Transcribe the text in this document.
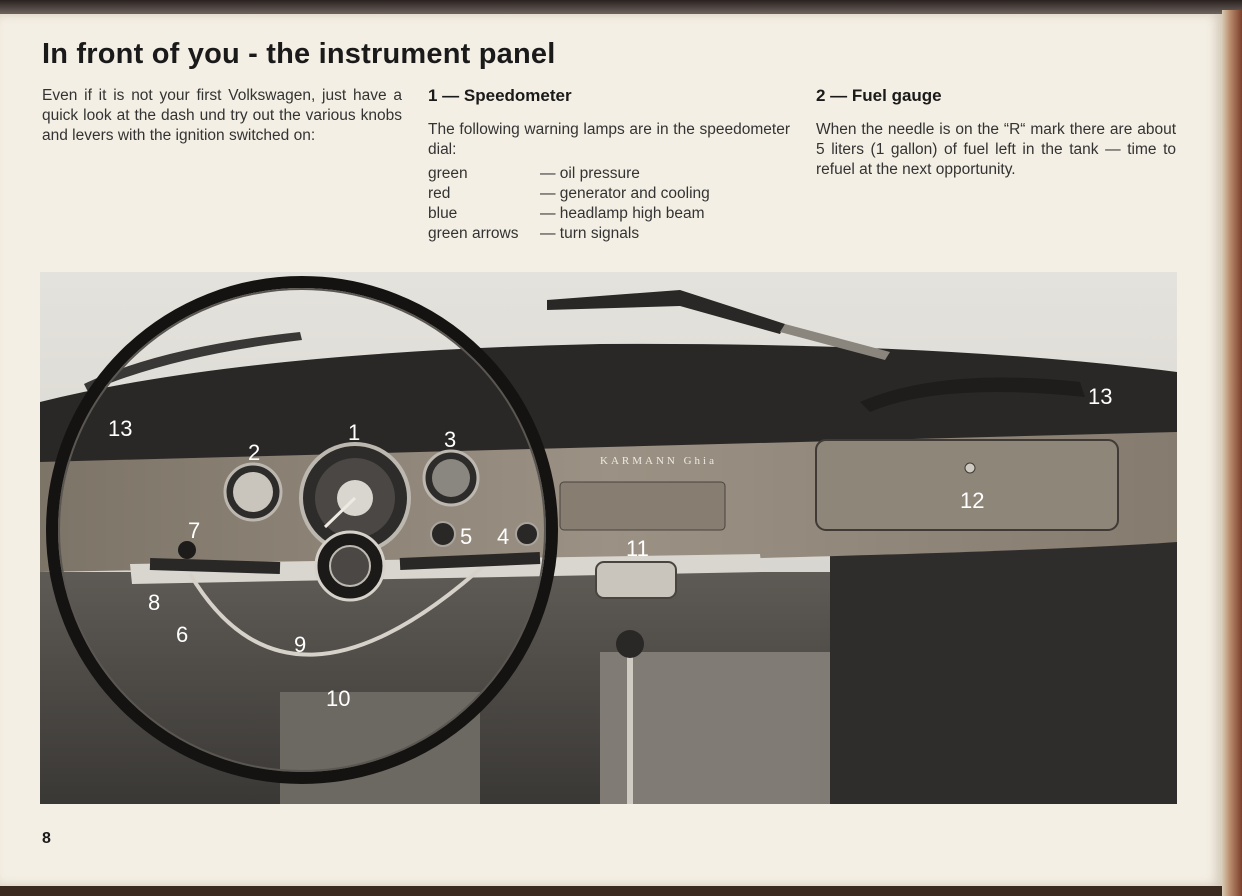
In front of you - the instrument panel
Even if it is not your first Volkswagen, just have a quick look at the dash und try out the various knobs and levers with the ignition switched on:
1 — Speedometer

The following warning lamps are in the speedometer dial:

green	— oil pressure
red	— generator and cooling
blue	— headlamp high beam
green arrows	— turn signals
2 — Fuel gauge

When the needle is on the “R“ mark there are about 5 liters (1 gallon) of fuel left in the tank — time to refuel at the next opportunity.

KARMANN Ghia
1
2
3
4
5
6
7
8
9
10
11
12
13
13
8
